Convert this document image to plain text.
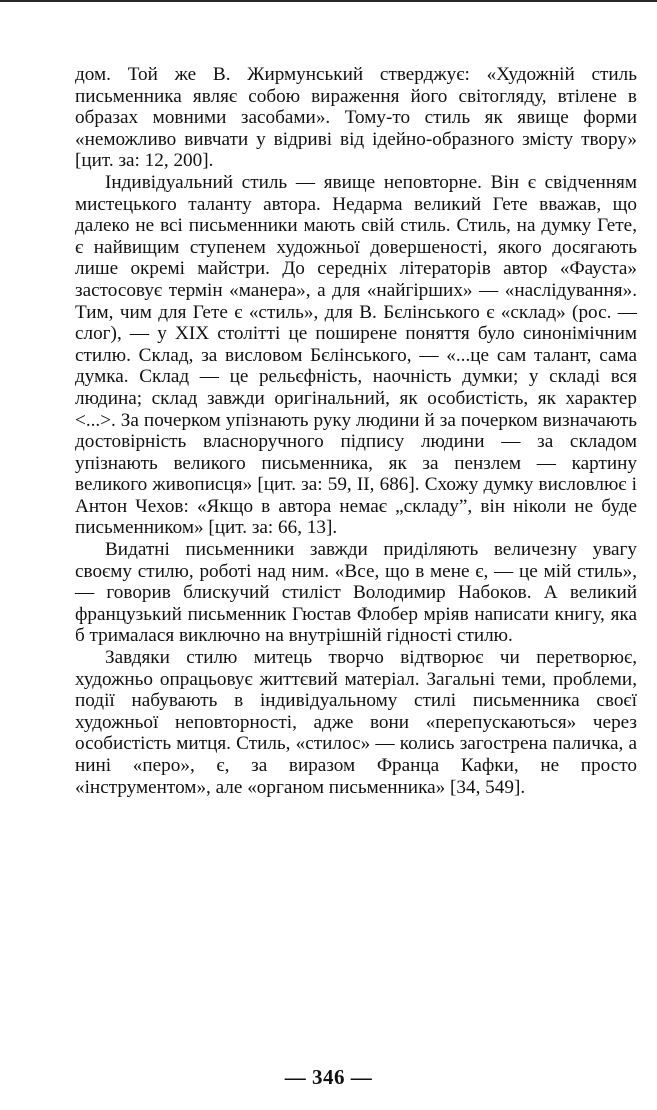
дом. Той же В. Жирмунський стверджує: «Художній стиль письменника являє собою вираження його світогляду, втілене в образах мовними засобами». Тому-то стиль як явище форми «неможливо вивчати у відриві від ідейно-образного змісту твору» [цит. за: 12, 200].

Індивідуальний стиль — явище неповторне. Він є свідченням мистецького таланту автора. Недарма великий Гете вважав, що далеко не всі письменники мають свій стиль. Стиль, на думку Гете, є найвищим ступенем художньої довершеності, якого досягають лише окремі майстри. До середніх літераторів автор «Фауста» застосовує термін «манера», а для «найгірших» — «наслідування». Тим, чим для Гете є «стиль», для В. Бєлінського є «склад» (рос. — слог), — у XIX столітті це поширене поняття було синонімічним стилю. Склад, за висловом Бєлінського, — «...це сам талант, сама думка. Склад — це рельєфність, наочність думки; у складі вся людина; склад завжди оригінальний, як особистість, як характер <...>. За почерком упізнають руку людини й за почерком визначають достовірність власноручного підпису людини — за складом упізнають великого письменника, як за пензлем — картину великого живописця» [цит. за: 59, II, 686]. Схожу думку висловлює і Антон Чехов: «Якщо в автора немає „складу”, він ніколи не буде письменником» [цит. за: 66, 13].

Видатні письменники завжди приділяють величезну увагу своєму стилю, роботі над ним. «Все, що в мене є, — це мій стиль», — говорив блискучий стиліст Володимир Набоков. А великий французький письменник Гюстав Флобер мріяв написати книгу, яка б трималася виключно на внутрішній гідності стилю.

Завдяки стилю митець творчо відтворює чи перетворює, художньо опрацьовує життєвий матеріал. Загальні теми, проблеми, події набувають в індивідуальному стилі письменника своєї художньої неповторності, адже вони «перепускаються» через особистість митця. Стиль, «стилос» — колись загострена паличка, а нині «перо», є, за виразом Франца Кафки, не просто «інструментом», але «органом письменника» [34, 549].

— 346 —
